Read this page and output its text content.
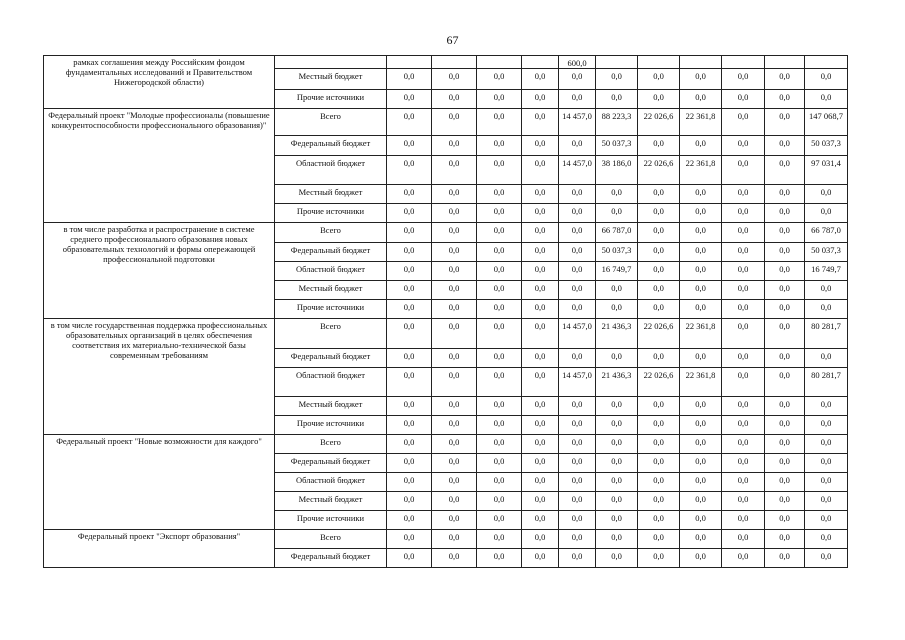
67
рамках соглашения между Российским фондом фундаментальных исследований и Правительством Нижегородской области)						600,0						
	Местный бюджет	0,0	0,0	0,0	0,0	0,0	0,0	0,0	0,0	0,0	0,0	0,0
	Прочие источники	0,0	0,0	0,0	0,0	0,0	0,0	0,0	0,0	0,0	0,0	0,0
Федеральный проект "Молодые профессионалы (повышение конкурентоспособности профессионального образования)"	Всего	0,0	0,0	0,0	0,0	14 457,0	88 223,3	22 026,6	22 361,8	0,0	0,0	147 068,7
	Федеральный бюджет	0,0	0,0	0,0	0,0	0,0	50 037,3	0,0	0,0	0,0	0,0	50 037,3
	Областной бюджет	0,0	0,0	0,0	0,0	14 457,0	38 186,0	22 026,6	22 361,8	0,0	0,0	97 031,4
	Местный бюджет	0,0	0,0	0,0	0,0	0,0	0,0	0,0	0,0	0,0	0,0	0,0
	Прочие источники	0,0	0,0	0,0	0,0	0,0	0,0	0,0	0,0	0,0	0,0	0,0
в том числе разработка и распространение в системе среднего профессионального образования новых образовательных технологий и формы опережающей профессиональной подготовки	Всего	0,0	0,0	0,0	0,0	0,0	66 787,0	0,0	0,0	0,0	0,0	66 787,0
	Федеральный бюджет	0,0	0,0	0,0	0,0	0,0	50 037,3	0,0	0,0	0,0	0,0	50 037,3
	Областной бюджет	0,0	0,0	0,0	0,0	0,0	16 749,7	0,0	0,0	0,0	0,0	16 749,7
	Местный бюджет	0,0	0,0	0,0	0,0	0,0	0,0	0,0	0,0	0,0	0,0	0,0
	Прочие источники	0,0	0,0	0,0	0,0	0,0	0,0	0,0	0,0	0,0	0,0	0,0
в том числе государственная поддержка профессиональных образовательных организаций в целях обеспечения соответствия их материально-технической базы современным требованиям	Всего	0,0	0,0	0,0	0,0	14 457,0	21 436,3	22 026,6	22 361,8	0,0	0,0	80 281,7
	Федеральный бюджет	0,0	0,0	0,0	0,0	0,0	0,0	0,0	0,0	0,0	0,0	0,0
	Областной бюджет	0,0	0,0	0,0	0,0	14 457,0	21 436,3	22 026,6	22 361,8	0,0	0,0	80 281,7
	Местный бюджет	0,0	0,0	0,0	0,0	0,0	0,0	0,0	0,0	0,0	0,0	0,0
	Прочие источники	0,0	0,0	0,0	0,0	0,0	0,0	0,0	0,0	0,0	0,0	0,0
Федеральный проект "Новые возможности для каждого"	Всего	0,0	0,0	0,0	0,0	0,0	0,0	0,0	0,0	0,0	0,0	0,0
	Федеральный бюджет	0,0	0,0	0,0	0,0	0,0	0,0	0,0	0,0	0,0	0,0	0,0
	Областной бюджет	0,0	0,0	0,0	0,0	0,0	0,0	0,0	0,0	0,0	0,0	0,0
	Местный бюджет	0,0	0,0	0,0	0,0	0,0	0,0	0,0	0,0	0,0	0,0	0,0
	Прочие источники	0,0	0,0	0,0	0,0	0,0	0,0	0,0	0,0	0,0	0,0	0,0
Федеральный проект "Экспорт образования"	Всего	0,0	0,0	0,0	0,0	0,0	0,0	0,0	0,0	0,0	0,0	0,0
	Федеральный бюджет	0,0	0,0	0,0	0,0	0,0	0,0	0,0	0,0	0,0	0,0	0,0
